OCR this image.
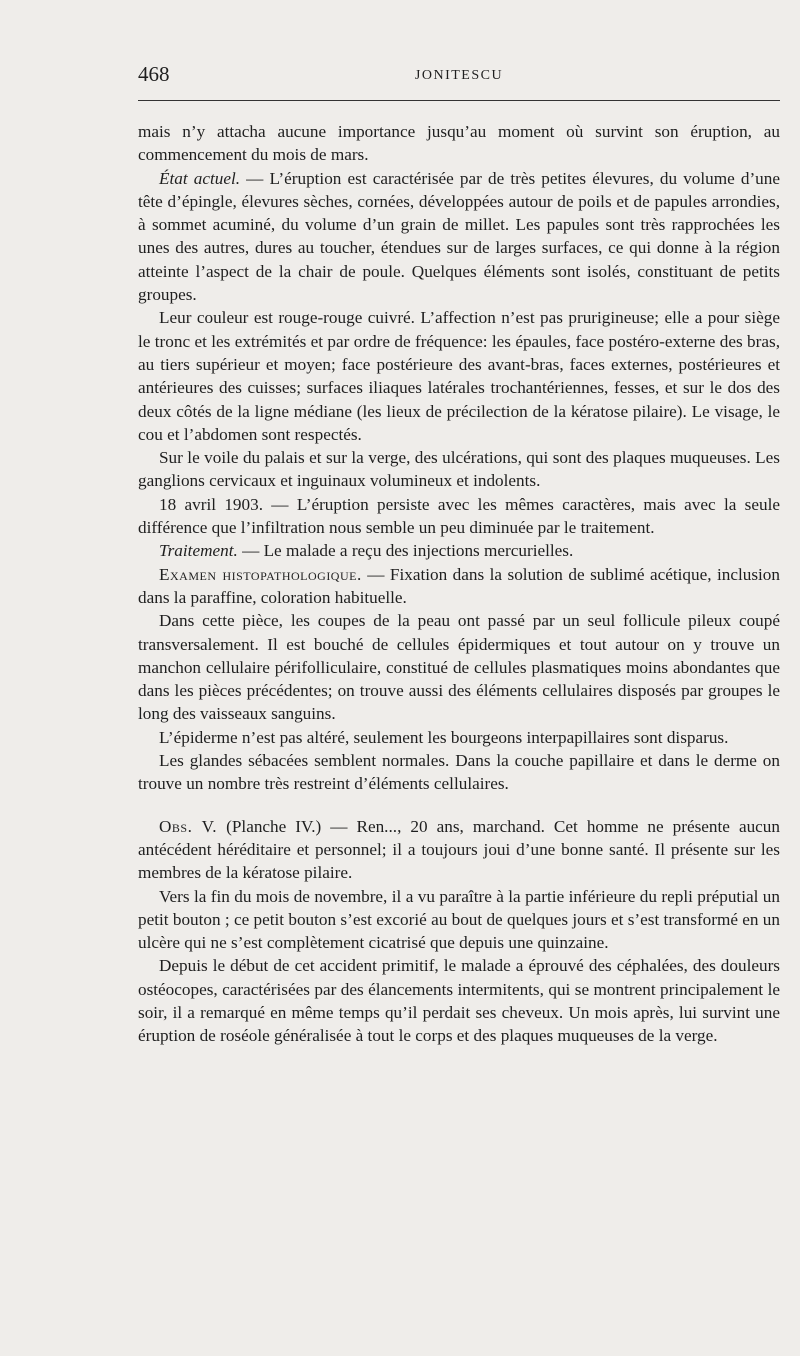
468	JONITESCU

mais n’y attacha aucune importance jusqu’au moment où survint son éruption, au commencement du mois de mars.

État actuel. — L’éruption est caractérisée par de très petites élevures, du volume d’une tête d’épingle, élevures sèches, cornées, développées autour de poils et de papules arrondies, à sommet acuminé, du volume d’un grain de millet. Les papules sont très rapprochées les unes des autres, dures au toucher, étendues sur de larges surfaces, ce qui donne à la région atteinte l’aspect de la chair de poule. Quelques éléments sont isolés, constituant de petits groupes.

Leur couleur est rouge-rouge cuivré. L’affection n’est pas prurigineuse; elle a pour siège le tronc et les extrémités et par ordre de fréquence: les épaules, face postéro-externe des bras, au tiers supérieur et moyen; face postérieure des avant-bras, faces externes, postérieures et antérieures des cuisses; surfaces iliaques latérales trochantériennes, fesses, et sur le dos des deux côtés de la ligne médiane (les lieux de précilection de la kératose pilaire). Le visage, le cou et l’abdomen sont respectés.

Sur le voile du palais et sur la verge, des ulcérations, qui sont des plaques muqueuses. Les ganglions cervicaux et inguinaux volumineux et indolents.

18 avril 1903. — L’éruption persiste avec les mêmes caractères, mais avec la seule différence que l’infiltration nous semble un peu diminuée par le traitement.

Traitement. — Le malade a reçu des injections mercurielles.

Examen histopathologique. — Fixation dans la solution de sublimé acétique, inclusion dans la paraffine, coloration habituelle.

Dans cette pièce, les coupes de la peau ont passé par un seul follicule pileux coupé transversalement. Il est bouché de cellules épidermiques et tout autour on y trouve un manchon cellulaire périfolliculaire, constitué de cellules plasmatiques moins abondantes que dans les pièces précédentes; on trouve aussi des éléments cellulaires disposés par groupes le long des vaisseaux sanguins.

L’épiderme n’est pas altéré, seulement les bourgeons interpapillaires sont disparus.

Les glandes sébacées semblent normales. Dans la couche papillaire et dans le derme on trouve un nombre très restreint d’éléments cellulaires.

Obs. V. (Planche IV.) — Ren..., 20 ans, marchand. Cet homme ne présente aucun antécédent héréditaire et personnel; il a toujours joui d’une bonne santé. Il présente sur les membres de la kératose pilaire.

Vers la fin du mois de novembre, il a vu paraître à la partie inférieure du repli préputial un petit bouton ; ce petit bouton s’est excorié au bout de quelques jours et s’est transformé en un ulcère qui ne s’est complètement cicatrisé que depuis une quinzaine.

Depuis le début de cet accident primitif, le malade a éprouvé des céphalées, des douleurs ostéocopes, caractérisées par des élancements intermitents, qui se montrent principalement le soir, il a remarqué en même temps qu’il perdait ses cheveux. Un mois après, lui survint une éruption de roséole généralisée à tout le corps et des plaques muqueuses de la verge.
